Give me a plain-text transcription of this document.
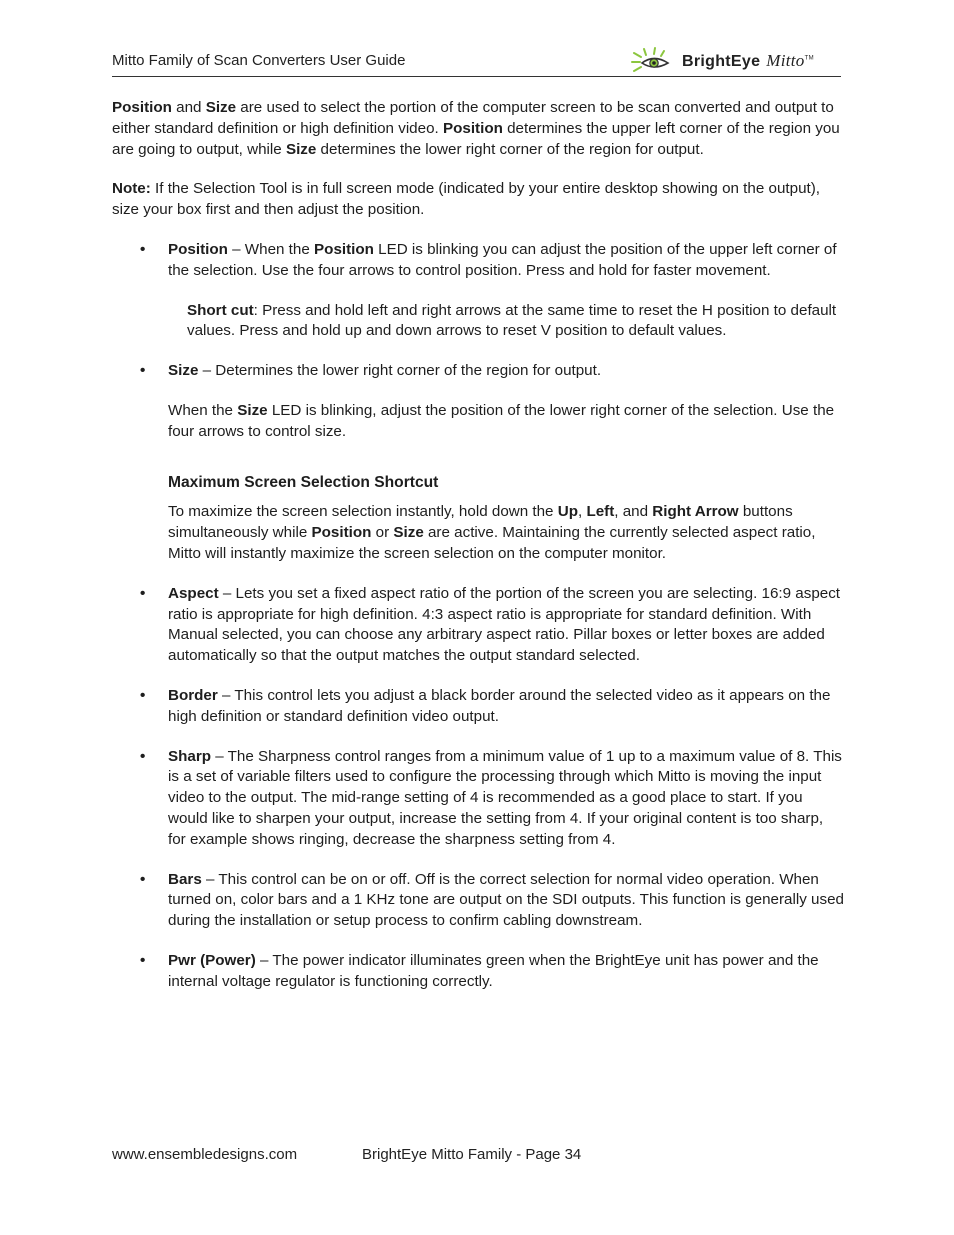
Mitto Family of Scan Converters User Guide	BrightEye Mitto™

Position and Size are used to select the portion of the computer screen to be scan converted and output to either standard definition or high definition video. Position determines the upper left corner of the region you are going to output, while Size determines the lower right corner of the region for output.

Note: If the Selection Tool is in full screen mode (indicated by your entire desktop showing on the output), size your box first and then adjust the position.

• Position – When the Position LED is blinking you can adjust the position of the upper left corner of the selection. Use the four arrows to control position. Press and hold for faster movement.
Short cut: Press and hold left and right arrows at the same time to reset the H position to default values. Press and hold up and down arrows to reset V position to default values.
• Size – Determines the lower right corner of the region for output.
When the Size LED is blinking, adjust the position of the lower right corner of the selection. Use the four arrows to control size.
Maximum Screen Selection Shortcut
To maximize the screen selection instantly, hold down the Up, Left, and Right Arrow buttons simultaneously while Position or Size are active. Maintaining the currently selected aspect ratio, Mitto will instantly maximize the screen selection on the computer monitor.
• Aspect – Lets you set a fixed aspect ratio of the portion of the screen you are selecting. 16:9 aspect ratio is appropriate for high definition. 4:3 aspect ratio is appropriate for standard definition. With Manual selected, you can choose any arbitrary aspect ratio. Pillar boxes or letter boxes are added automatically so that the output matches the output standard selected.
• Border – This control lets you adjust a black border around the selected video as it appears on the high definition or standard definition video output.
• Sharp – The Sharpness control ranges from a minimum value of 1 up to a maximum value of 8. This is a set of variable filters used to configure the processing through which Mitto is moving the input video to the output. The mid-range setting of 4 is recommended as a good place to start. If you would like to sharpen your output, increase the setting from 4. If your original content is too sharp, for example shows ringing, decrease the sharpness setting from 4.
• Bars – This control can be on or off. Off is the correct selection for normal video operation. When turned on, color bars and a 1 KHz tone are output on the SDI outputs. This function is generally used during the installation or setup process to confirm cabling downstream.
• Pwr (Power) – The power indicator illuminates green when the BrightEye unit has power and the internal voltage regulator is functioning correctly.
www.ensembledesigns.com	BrightEye Mitto Family - Page 34
